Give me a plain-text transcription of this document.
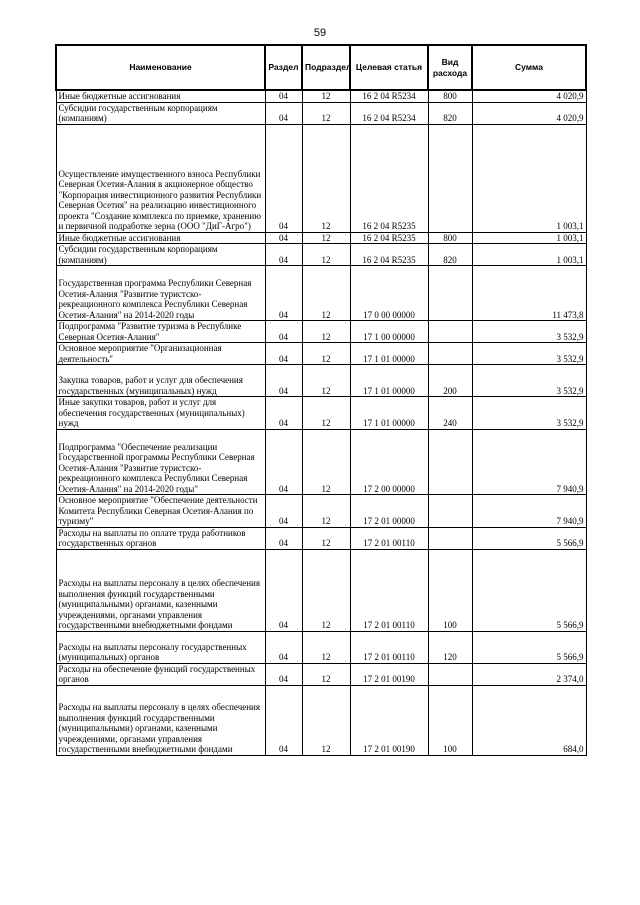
59
Наименование	Раздел	Подраздел	Целевая статья	Вид расхода	Сумма
Иные бюджетные ассигнования	04	12	16 2 04 R5234	800	4 020,9
Субсидии государственным корпорациям (компаниям)	04	12	16 2 04 R5234	820	4 020,9
Осуществление имущественного взноса Республики Северная Осетия-Алания в акционерное общество "Корпорация инвестиционного развития Республики Северная Осетия" на реализацию инвестиционного проекта "Создание комплекса по приемке, хранению и первичной подработке зерна (ООО "ДиГ-Агро")	04	12	16 2 04 R5235		1 003,1
Иные бюджетные ассигнования	04	12	16 2 04 R5235	800	1 003,1
Субсидии государственным корпорациям (компаниям)	04	12	16 2 04 R5235	820	1 003,1
Государственная программа Республики Северная Осетия-Алания "Развитие туристско-рекреационного комплекса Республики Северная Осетия-Алания" на 2014-2020 годы	04	12	17 0 00 00000		11 473,8
Подпрограмма "Развитие туризма в Республике Северная Осетия-Алания"	04	12	17 1 00 00000		3 532,9
Основное мероприятие "Организационная деятельность"	04	12	17 1 01 00000		3 532,9
Закупка товаров, работ и услуг для обеспечения государственных (муниципальных) нужд	04	12	17 1 01 00000	200	3 532,9
Иные закупки товаров, работ и услуг для обеспечения государственных (муниципальных) нужд	04	12	17 1 01 00000	240	3 532,9
Подпрограмма "Обеспечение реализации Государственной программы Республики Северная Осетия-Алания "Развитие туристско-рекреационного комплекса Республики Северная Осетия-Алания" на 2014-2020 годы"	04	12	17 2 00 00000		7 940,9
Основное мероприятие "Обеспечение деятельности Комитета Республики Северная Осетия-Алания по туризму"	04	12	17 2 01 00000		7 940,9
Расходы на выплаты по оплате труда работников государственных органов	04	12	17 2 01 00110		5 566,9
Расходы на выплаты персоналу в целях обеспечения выполнения функций государственными (муниципальными) органами, казенными учреждениями, органами управления государственными внебюджетными фондами	04	12	17 2 01 00110	100	5 566,9
Расходы на выплаты персоналу государственных (муниципальных) органов	04	12	17 2 01 00110	120	5 566,9
Расходы на обеспечение функций государственных органов	04	12	17 2 01 00190		2 374,0
Расходы на выплаты персоналу в целях обеспечения выполнения функций государственными (муниципальными) органами, казенными учреждениями, органами управления государственными внебюджетными фондами	04	12	17 2 01 00190	100	684,0
